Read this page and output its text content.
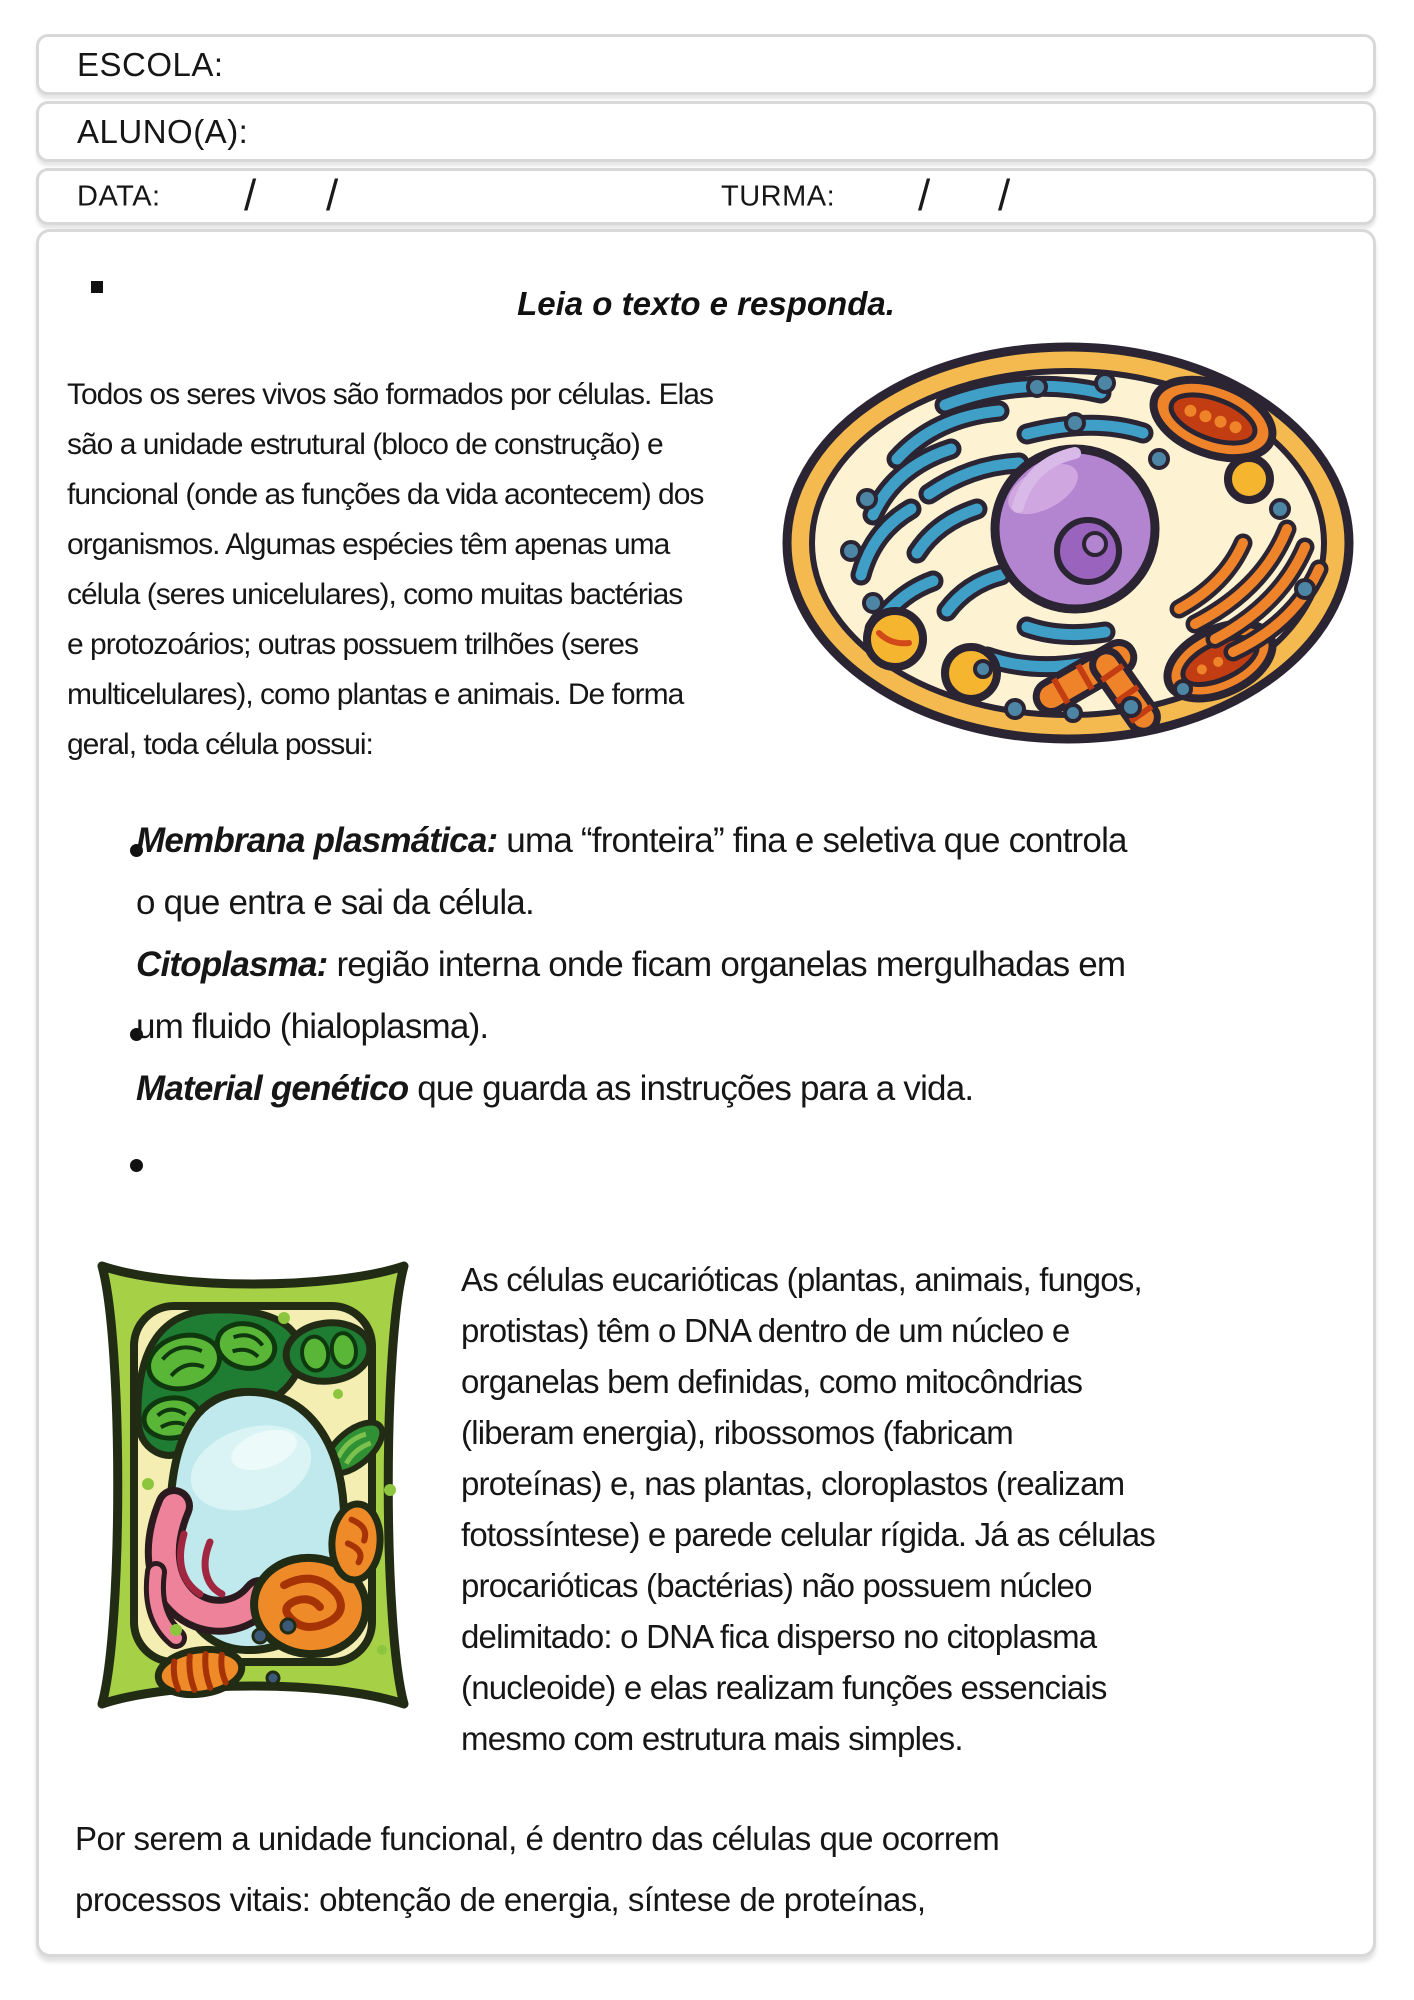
ESCOLA:
ALUNO(A):
DATA: / /	TURMA: / /
Leia o texto e responda.
Todos os seres vivos são formados por células. Elas
são a unidade estrutural (bloco de construção) e
funcional (onde as funções da vida acontecem) dos
organismos. Algumas espécies têm apenas uma
célula (seres unicelulares), como muitas bactérias
e protozoários; outras possuem trilhões (seres
multicelulares), como plantas e animais. De forma
geral, toda célula possui:
Membrana plasmática: uma “fronteira” fina e seletiva que controla
o que entra e sai da célula.
Citoplasma: região interna onde ficam organelas mergulhadas em
um fluido (hialoplasma).
Material genético que guarda as instruções para a vida.
As células eucarióticas (plantas, animais, fungos,
protistas) têm o DNA dentro de um núcleo e
organelas bem definidas, como mitocôndrias
(liberam energia), ribossomos (fabricam
proteínas) e, nas plantas, cloroplastos (realizam
fotossíntese) e parede celular rígida. Já as células
procarióticas (bactérias) não possuem núcleo
delimitado: o DNA fica disperso no citoplasma
(nucleoide) e elas realizam funções essenciais
mesmo com estrutura mais simples.
Por serem a unidade funcional, é dentro das células que ocorrem
processos vitais: obtenção de energia, síntese de proteínas,
